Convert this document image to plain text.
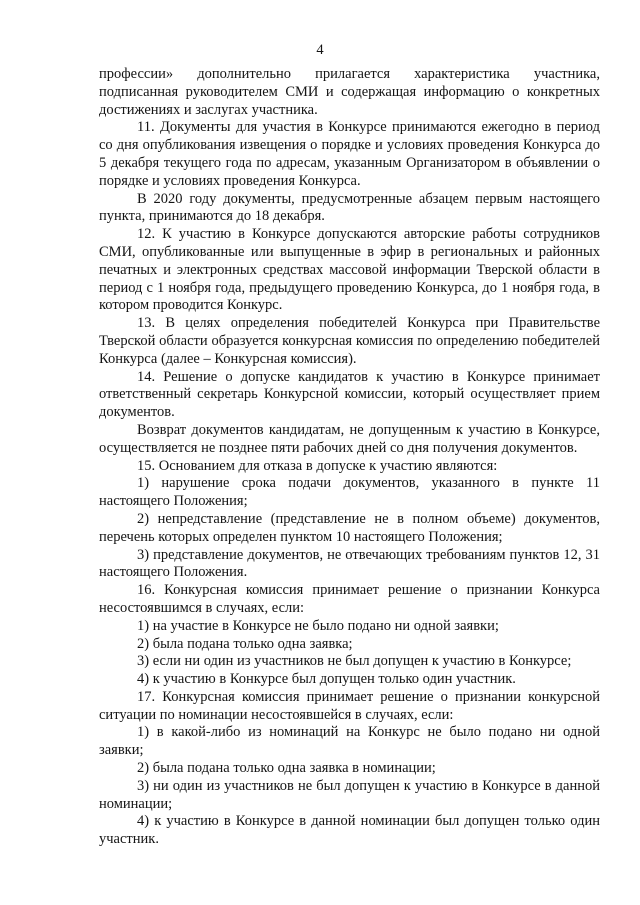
4

профессии» дополнительно прилагается характеристика участника, подписанная руководителем СМИ и содержащая информацию о конкретных достижениях и заслугах участника.

11. Документы для участия в Конкурсе принимаются ежегодно в период со дня опубликования извещения о порядке и условиях проведения Конкурса до 5 декабря текущего года по адресам, указанным Организатором в объявлении о порядке и условиях проведения Конкурса.

В 2020 году документы, предусмотренные абзацем первым настоящего пункта, принимаются до 18 декабря.

12. К участию в Конкурсе допускаются авторские работы сотрудников СМИ, опубликованные или выпущенные в эфир в региональных и районных печатных и электронных средствах массовой информации Тверской области в период с 1 ноября года, предыдущего проведению Конкурса, до 1 ноября года, в котором проводится Конкурс.

13. В целях определения победителей Конкурса при Правительстве Тверской области образуется конкурсная комиссия по определению победителей Конкурса (далее – Конкурсная комиссия).

14. Решение о допуске кандидатов к участию в Конкурсе принимает ответственный секретарь Конкурсной комиссии, который осуществляет прием документов.

Возврат документов кандидатам, не допущенным к участию в Конкурсе, осуществляется не позднее пяти рабочих дней со дня получения документов.

15. Основанием для отказа в допуске к участию являются:

1) нарушение срока подачи документов, указанного в пункте 11 настоящего Положения;

2) непредставление (представление не в полном объеме) документов, перечень которых определен пунктом 10 настоящего Положения;

3) представление документов, не отвечающих требованиям пунктов 12, 31 настоящего Положения.

16. Конкурсная комиссия принимает решение о признании Конкурса несостоявшимся в случаях, если:

1) на участие в Конкурсе не было подано ни одной заявки;

2) была подана только одна заявка;

3) если ни один из участников не был допущен к участию в Конкурсе;

4) к участию в Конкурсе был допущен только один участник.

17. Конкурсная комиссия принимает решение о признании конкурсной ситуации по номинации несостоявшейся в случаях, если:

1) в какой-либо из номинаций на Конкурс не было подано ни одной заявки;

2) была подана только одна заявка в номинации;

3) ни один из участников не был допущен к участию в Конкурсе в данной номинации;

4) к участию в Конкурсе в данной номинации был допущен только один участник.
